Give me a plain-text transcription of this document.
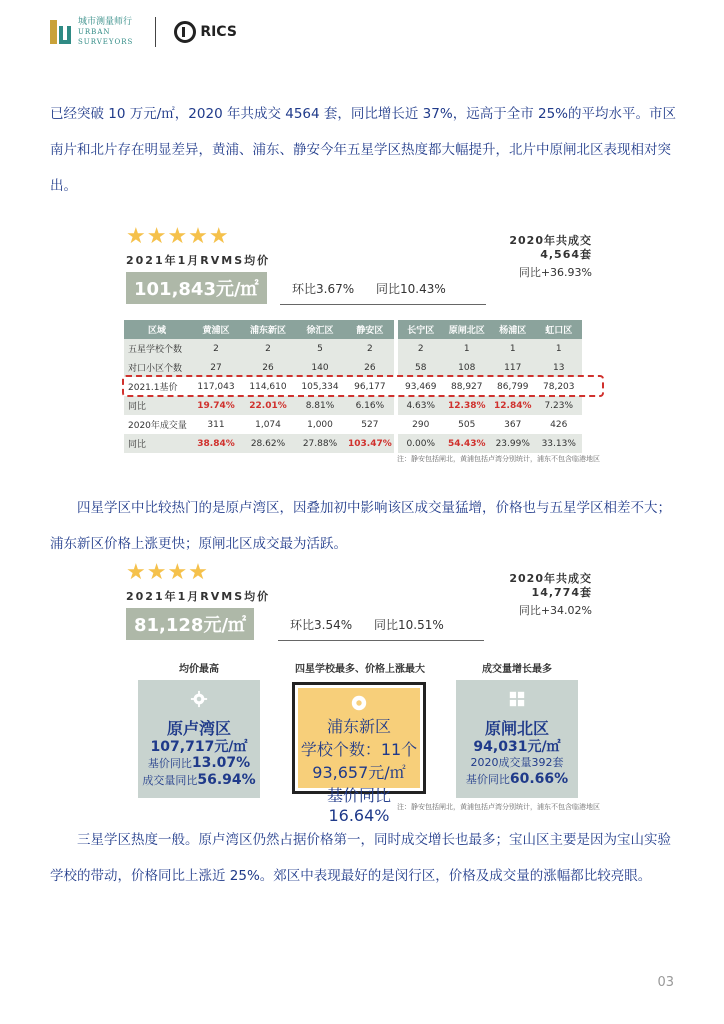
城市测量师行
URBAN
SURVEYORS
RICS
已经突破 10 万元/㎡，2020 年共成交 4564 套，同比增长近 37%，远高于全市 25%的平均水平。市区南片和北片存在明显差异，黄浦、浦东、静安今年五星学区热度都大幅提升，北片中原闸北区表现相对突出。
★★★★★
2021年1月RVMS均价
101,843元/㎡	环比3.67% 同比10.43%
2020年共成交
4,564套
同比+36.93%
区域	黄浦区	浦东新区	徐汇区	静安区		长宁区	原闸北区	杨浦区	虹口区
五星学校个数	2	2	5	2		2	1	1	1
对口小区个数	27	26	140	26		58	108	117	13
2021.1基价	117,043	114,610	105,334	96,177		93,469	88,927	86,799	78,203
同比	19.74%	22.01%	8.81%	6.16%		4.63%	12.38%	12.84%	7.23%
2020年成交量	311	1,074	1,000	527		290	505	367	426
同比	38.84%	28.62%	27.88%	103.47%		0.00%	54.43%	23.99%	33.13%
注：静安包括闸北，黄浦包括卢湾分别统计，浦东不包含临港地区
四星学区中比较热门的是原卢湾区，因叠加初中影响该区成交量猛增，价格也与五星学区相差不大；浦东新区价格上涨更快；原闸北区成交最为活跃。
★★★★
2021年1月RVMS均价
81,128元/㎡	环比3.54% 同比10.51%
2020年共成交
14,774套
同比+34.02%
均价最高	四星学校最多、价格上涨最大	成交量增长最多
原卢湾区
107,717元/㎡
基价同比13.07%
成交量同比56.94%
浦东新区
学校个数：11个
93,657元/㎡
基价同比16.64%
原闸北区
94,031元/㎡
2020成交量392套
基价同比60.66%
注：静安包括闸北，黄浦包括卢湾分别统计，浦东不包含临港地区
三星学区热度一般。原卢湾区仍然占据价格第一，同时成交增长也最多；宝山区主要是因为宝山实验学校的带动，价格同比上涨近 25%。郊区中表现最好的是闵行区，价格及成交量的涨幅都比较亮眼。
03
